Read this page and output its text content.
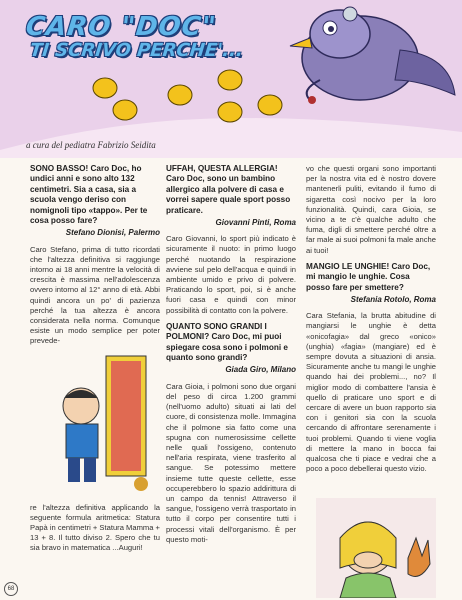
CARO "DOC"
TI SCRIVO PERCHE'...
a cura del pediatra Fabrizio Seidita

SONO BASSO! Caro Doc, ho undici anni e sono alto 132 centimetri. Sia a casa, sia a scuola vengo deriso con nomignoli tipo «tappo». Per te cosa posso fare?

Stefano Dionisi, Palermo

Caro Stefano, prima di tutto ricordati che l'altezza definitiva si raggiunge intorno ai 18 anni mentre la velocità di crescita è massima nell'adolescenza ovvero intorno al 12° anno di età. Abbi quindi ancora un po' di pazienza perché la tua altezza è ancora considerata nella norma. Comunque esiste un modo semplice per poter prevede-

re l'altezza definitiva applicando la seguente formula aritmetica: Statura Papà in centimetri + Statura Mamma + 13 + 8. Il tutto diviso 2. Spero che tu sia bravo in matematica ...Auguri!

UFFAH, QUESTA ALLERGIA! Caro Doc, sono un bambino allergico alla polvere di casa e vorrei sapere quale sport posso praticare.

Giovanni Pinti, Roma

Caro Giovanni, lo sport più indicato è sicuramente il nuoto: in primo luogo perché nuotando la respirazione avviene sul pelo dell'acqua e quindi in ambiente umido e privo di polvere. Praticando lo sport, poi, si è anche fuori casa e quindi con minor possibilità di contatto con la polvere.

QUANTO SONO GRANDI I POLMONI? Caro Doc, mi puoi spiegare cosa sono i polmoni e quanto sono grandi?

Giada Giro, Milano

Cara Gioia, i polmoni sono due organi del peso di circa 1.200 grammi (nell'uomo adulto) situati ai lati del cuore, di consistenza molle. Immagina che il polmone sia fatto come una spugna con numerosissime cellette nelle quali l'ossigeno, contenuto nell'aria respirata, viene trasferito al sangue. Se potessimo mettere insieme tutte queste cellette, esse occuperebbero lo spazio addirittura di un campo da tennis! Attraverso il sangue, l'ossigeno verrà trasportato in tutto il corpo per consentire tutti i processi vitali dell'organismo. È per questo moti-

vo che questi organi sono importanti per la nostra vita ed è nostro dovere mantenerli puliti, evitando il fumo di sigaretta così nocivo per la loro funzionalità. Quindi, cara Gioia, se vicino a te c'è qualche adulto che fuma, digli di smettere perché oltre a far male ai suoi polmoni fa male anche ai tuoi!

MANGIO LE UNGHIE! Caro Doc, mi mangio le unghie. Cosa posso fare per smettere?

Stefania Rotolo, Roma

Cara Stefania, la brutta abitudine di mangiarsi le unghie è detta «onicofagia» dal greco «onico» (unghia) «fagia» (mangiare) ed è sempre dovuta a situazioni di ansia. Sicuramente anche tu mangi le unghie quando hai dei problemi..., no? Il miglior modo di combattere l'ansia è quello di praticare uno sport e di cercare di avere un buon rapporto sia con i genitori sia con la scuola cercando di affrontare serenamente i tuoi problemi. Quando ti viene voglia di mettere la mano in bocca fai qualcosa che ti piace e vedrai che a poco a poco debellerai questo vizio.

68
